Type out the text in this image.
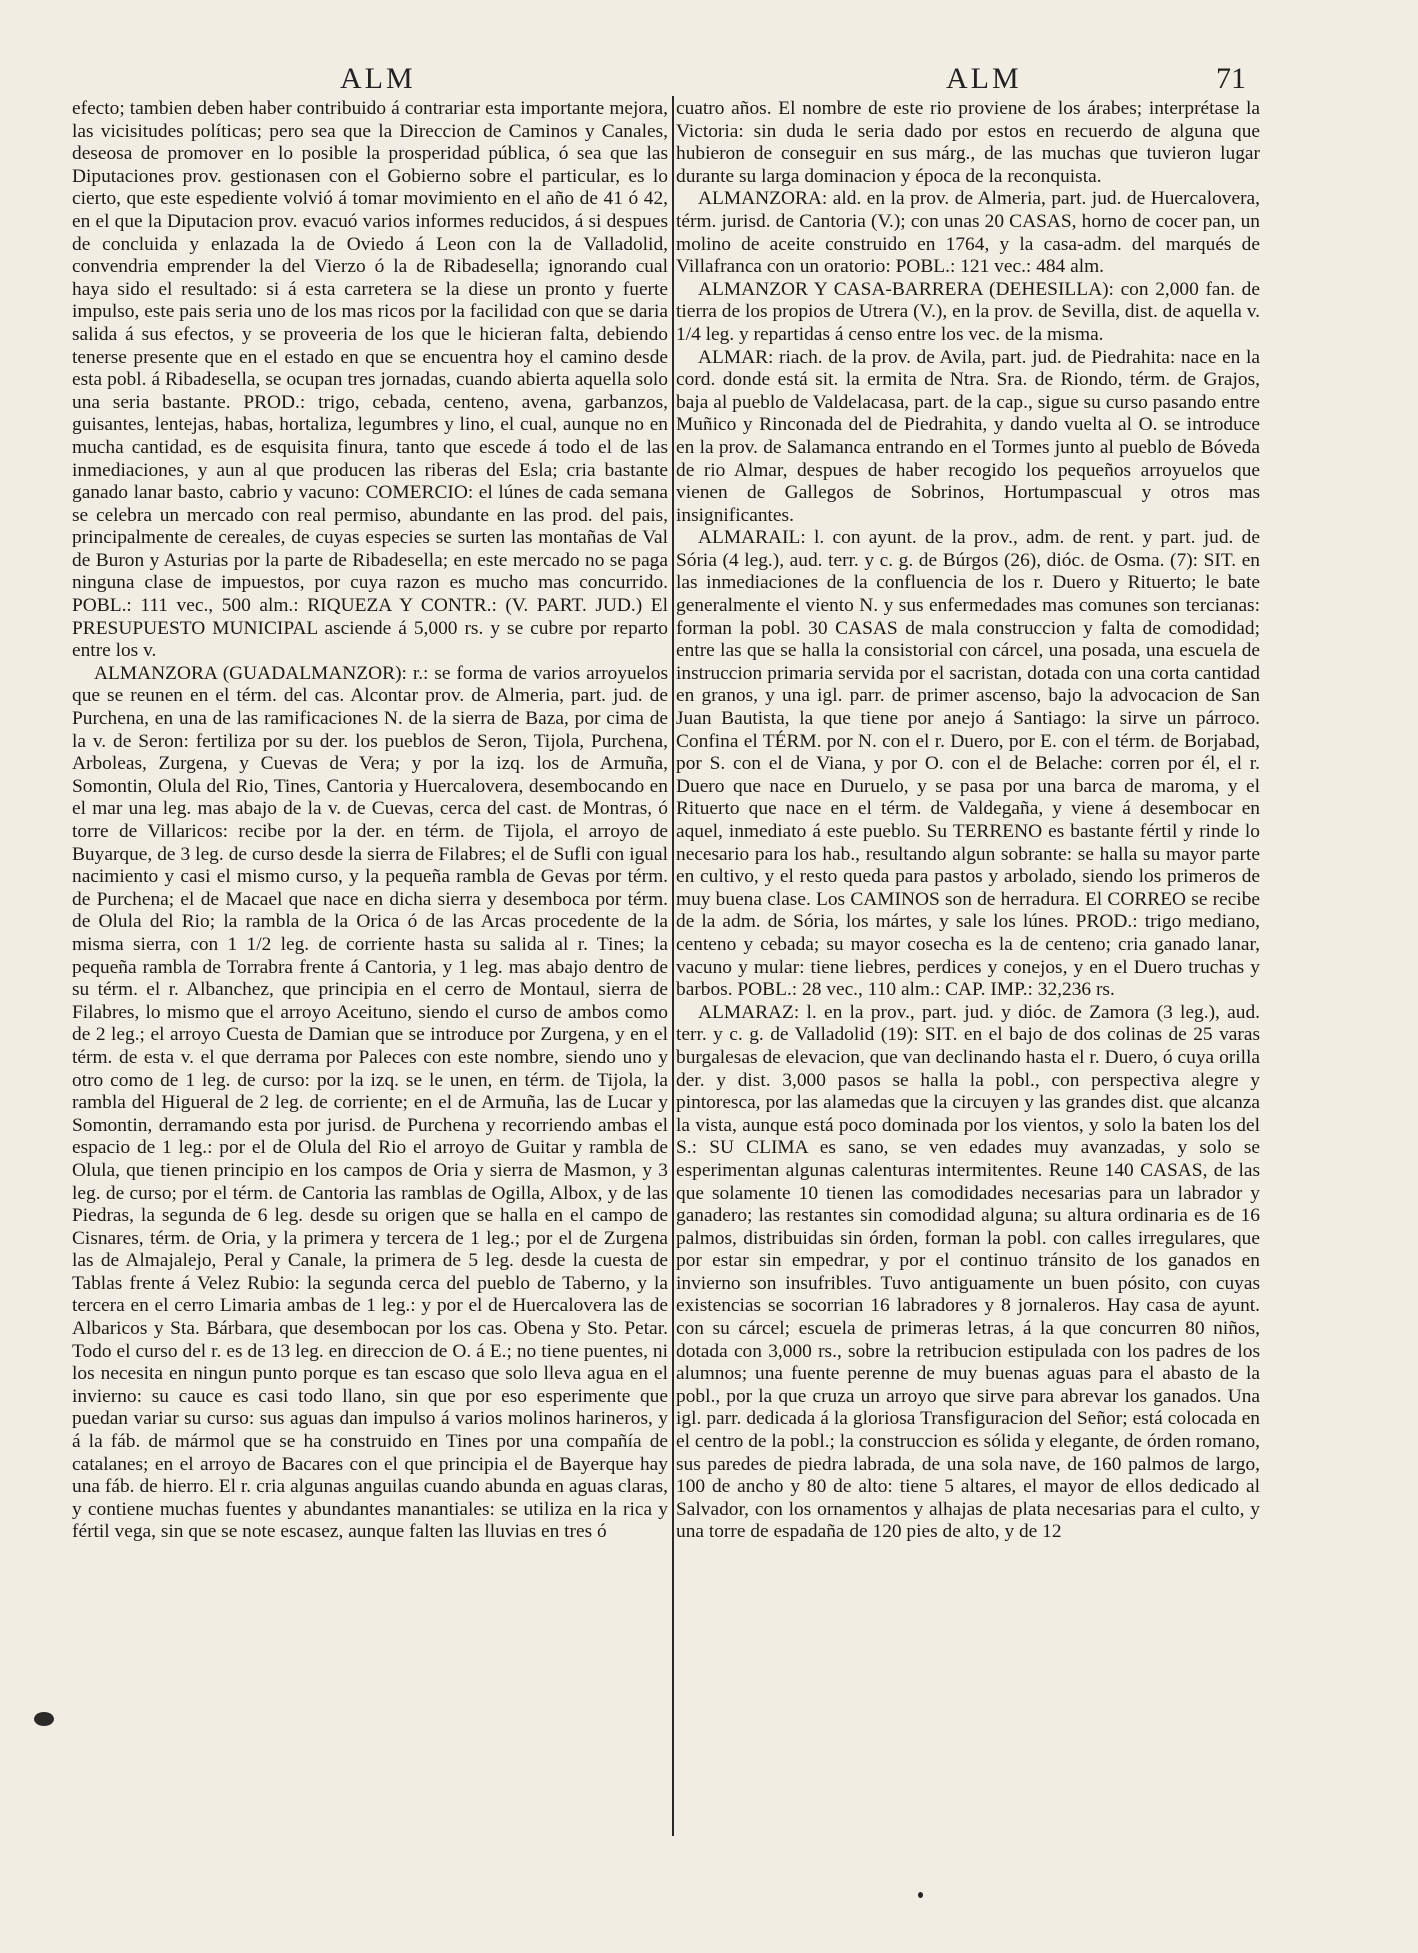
ALM	ALM	71

efecto; tambien deben haber contribuido á contrariar esta importante mejora, las vicisitudes políticas; pero sea que la Direccion de Caminos y Canales, deseosa de promover en lo posible la prosperidad pública, ó sea que las Diputaciones prov. gestionasen con el Gobierno sobre el particular, es lo cierto, que este espediente volvió á tomar movimiento en el año de 41 ó 42, en el que la Diputacion prov. evacuó varios informes reducidos, á si despues de concluida y enlazada la de Oviedo á Leon con la de Valladolid, convendria emprender la del Vierzo ó la de Ribadesella; ignorando cual haya sido el resultado: si á esta carretera se la diese un pronto y fuerte impulso, este pais seria uno de los mas ricos por la facilidad con que se daria salida á sus efectos, y se proveeria de los que le hicieran falta, debiendo tenerse presente que en el estado en que se encuentra hoy el camino desde esta pobl. á Ribadesella, se ocupan tres jornadas, cuando abierta aquella solo una seria bastante. PROD.: trigo, cebada, centeno, avena, garbanzos, guisantes, lentejas, habas, hortaliza, legumbres y lino, el cual, aunque no en mucha cantidad, es de esquisita finura, tanto que escede á todo el de las inmediaciones, y aun al que producen las riberas del Esla; cria bastante ganado lanar basto, cabrio y vacuno: COMERCIO: el lúnes de cada semana se celebra un mercado con real permiso, abundante en las prod. del pais, principalmente de cereales, de cuyas especies se surten las montañas de Val de Buron y Asturias por la parte de Ribadesella; en este mercado no se paga ninguna clase de impuestos, por cuya razon es mucho mas concurrido. POBL.: 111 vec., 500 alm.: RIQUEZA Y CONTR.: (V. PART. JUD.) El PRESUPUESTO MUNICIPAL asciende á 5,000 rs. y se cubre por reparto entre los v.

ALMANZORA (GUADALMANZOR): r.: se forma de varios arroyuelos que se reunen en el térm. del cas. Alcontar prov. de Almeria, part. jud. de Purchena, en una de las ramificaciones N. de la sierra de Baza, por cima de la v. de Seron: fertiliza por su der. los pueblos de Seron, Tijola, Purchena, Arboleas, Zurgena, y Cuevas de Vera; y por la izq. los de Armuña, Somontin, Olula del Rio, Tines, Cantoria y Huercalovera, desembocando en el mar una leg. mas abajo de la v. de Cuevas, cerca del cast. de Montras, ó torre de Villaricos: recibe por la der. en térm. de Tijola, el arroyo de Buyarque, de 3 leg. de curso desde la sierra de Filabres; el de Sufli con igual nacimiento y casi el mismo curso, y la pequeña rambla de Gevas por térm. de Purchena; el de Macael que nace en dicha sierra y desemboca por térm. de Olula del Rio; la rambla de la Orica ó de las Arcas procedente de la misma sierra, con 1 1/2 leg. de corriente hasta su salida al r. Tines; la pequeña rambla de Torrabra frente á Cantoria, y 1 leg. mas abajo dentro de su térm. el r. Albanchez, que principia en el cerro de Montaul, sierra de Filabres, lo mismo que el arroyo Aceituno, siendo el curso de ambos como de 2 leg.; el arroyo Cuesta de Damian que se introduce por Zurgena, y en el térm. de esta v. el que derrama por Paleces con este nombre, siendo uno y otro como de 1 leg. de curso: por la izq. se le unen, en térm. de Tijola, la rambla del Higueral de 2 leg. de corriente; en el de Armuña, las de Lucar y Somontin, derramando esta por jurisd. de Purchena y recorriendo ambas el espacio de 1 leg.: por el de Olula del Rio el arroyo de Guitar y rambla de Olula, que tienen principio en los campos de Oria y sierra de Masmon, y 3 leg. de curso; por el térm. de Cantoria las ramblas de Ogilla, Albox, y de las Piedras, la segunda de 6 leg. desde su origen que se halla en el campo de Cisnares, térm. de Oria, y la primera y tercera de 1 leg.; por el de Zurgena las de Almajalejo, Peral y Canale, la primera de 5 leg. desde la cuesta de Tablas frente á Velez Rubio: la segunda cerca del pueblo de Taberno, y la tercera en el cerro Limaria ambas de 1 leg.: y por el de Huercalovera las de Albaricos y Sta. Bárbara, que desembocan por los cas. Obena y Sto. Petar. Todo el curso del r. es de 13 leg. en direccion de O. á E.; no tiene puentes, ni los necesita en ningun punto porque es tan escaso que solo lleva agua en el invierno: su cauce es casi todo llano, sin que por eso esperimente que puedan variar su curso: sus aguas dan impulso á varios molinos harineros, y á la fáb. de mármol que se ha construido en Tines por una compañía de catalanes; en el arroyo de Bacares con el que principia el de Bayerque hay una fáb. de hierro. El r. cria algunas anguilas cuando abunda en aguas claras, y contiene muchas fuentes y abundantes manantiales: se utiliza en la rica y fértil vega, sin que se note escasez, aunque falten las lluvias en tres ó

cuatro años. El nombre de este rio proviene de los árabes; interprétase la Victoria: sin duda le seria dado por estos en recuerdo de alguna que hubieron de conseguir en sus márg., de las muchas que tuvieron lugar durante su larga dominacion y época de la reconquista.

ALMANZORA: ald. en la prov. de Almeria, part. jud. de Huercalovera, térm. jurisd. de Cantoria (V.); con unas 20 CASAS, horno de cocer pan, un molino de aceite construido en 1764, y la casa-adm. del marqués de Villafranca con un oratorio: POBL.: 121 vec.: 484 alm.

ALMANZOR Y CASA-BARRERA (DEHESILLA): con 2,000 fan. de tierra de los propios de Utrera (V.), en la prov. de Sevilla, dist. de aquella v. 1/4 leg. y repartidas á censo entre los vec. de la misma.

ALMAR: riach. de la prov. de Avila, part. jud. de Piedrahita: nace en la cord. donde está sit. la ermita de Ntra. Sra. de Riondo, térm. de Grajos, baja al pueblo de Valdelacasa, part. de la cap., sigue su curso pasando entre Muñico y Rinconada del de Piedrahita, y dando vuelta al O. se introduce en la prov. de Salamanca entrando en el Tormes junto al pueblo de Bóveda de rio Almar, despues de haber recogido los pequeños arroyuelos que vienen de Gallegos de Sobrinos, Hortumpascual y otros mas insignificantes.

ALMARAIL: l. con ayunt. de la prov., adm. de rent. y part. jud. de Sória (4 leg.), aud. terr. y c. g. de Búrgos (26), dióc. de Osma. (7): SIT. en las inmediaciones de la confluencia de los r. Duero y Rituerto; le bate generalmente el viento N. y sus enfermedades mas comunes son tercianas: forman la pobl. 30 CASAS de mala construccion y falta de comodidad; entre las que se halla la consistorial con cárcel, una posada, una escuela de instruccion primaria servida por el sacristan, dotada con una corta cantidad en granos, y una igl. parr. de primer ascenso, bajo la advocacion de San Juan Bautista, la que tiene por anejo á Santiago: la sirve un párroco. Confina el TÉRM. por N. con el r. Duero, por E. con el térm. de Borjabad, por S. con el de Viana, y por O. con el de Belache: corren por él, el r. Duero que nace en Duruelo, y se pasa por una barca de maroma, y el Rituerto que nace en el térm. de Valdegaña, y viene á desembocar en aquel, inmediato á este pueblo. Su TERRENO es bastante fértil y rinde lo necesario para los hab., resultando algun sobrante: se halla su mayor parte en cultivo, y el resto queda para pastos y arbolado, siendo los primeros de muy buena clase. Los CAMINOS son de herradura. El CORREO se recibe de la adm. de Sória, los mártes, y sale los lúnes. PROD.: trigo mediano, centeno y cebada; su mayor cosecha es la de centeno; cria ganado lanar, vacuno y mular: tiene liebres, perdices y conejos, y en el Duero truchas y barbos. POBL.: 28 vec., 110 alm.: CAP. IMP.: 32,236 rs.

ALMARAZ: l. en la prov., part. jud. y dióc. de Zamora (3 leg.), aud. terr. y c. g. de Valladolid (19): SIT. en el bajo de dos colinas de 25 varas burgalesas de elevacion, que van declinando hasta el r. Duero, ó cuya orilla der. y dist. 3,000 pasos se halla la pobl., con perspectiva alegre y pintoresca, por las alamedas que la circuyen y las grandes dist. que alcanza la vista, aunque está poco dominada por los vientos, y solo la baten los del S.: SU CLIMA es sano, se ven edades muy avanzadas, y solo se esperimentan algunas calenturas intermitentes. Reune 140 CASAS, de las que solamente 10 tienen las comodidades necesarias para un labrador y ganadero; las restantes sin comodidad alguna; su altura ordinaria es de 16 palmos, distribuidas sin órden, forman la pobl. con calles irregulares, que por estar sin empedrar, y por el continuo tránsito de los ganados en invierno son insufribles. Tuvo antiguamente un buen pósito, con cuyas existencias se socorrian 16 labradores y 8 jornaleros. Hay casa de ayunt. con su cárcel; escuela de primeras letras, á la que concurren 80 niños, dotada con 3,000 rs., sobre la retribucion estipulada con los padres de los alumnos; una fuente perenne de muy buenas aguas para el abasto de la pobl., por la que cruza un arroyo que sirve para abrevar los ganados. Una igl. parr. dedicada á la gloriosa Transfiguracion del Señor; está colocada en el centro de la pobl.; la construccion es sólida y elegante, de órden romano, sus paredes de piedra labrada, de una sola nave, de 160 palmos de largo, 100 de ancho y 80 de alto: tiene 5 altares, el mayor de ellos dedicado al Salvador, con los ornamentos y alhajas de plata necesarias para el culto, y una torre de espadaña de 120 pies de alto, y de 12
